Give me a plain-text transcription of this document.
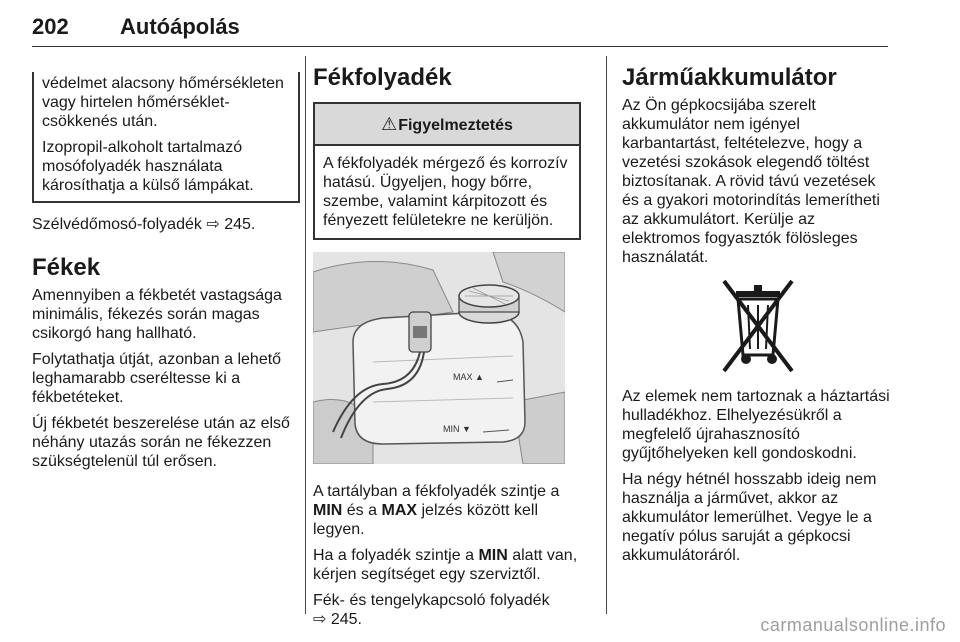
202 Autóápolás

védelmet alacsony hőmérsékleten vagy hirtelen hőmérséklet-csökkenés után.

Izopropil-alkoholt tartalmazó mosófolyadék használata károsíthatja a külső lámpákat.

Szélvédőmosó-folyadék ⇨ 245.

Fékek

Amennyiben a fékbetét vastagsága minimális, fékezés során magas csikorgó hang hallható.

Folytathatja útját, azonban a lehető leghamarabb cseréltesse ki a fékbetéteket.

Új fékbetét beszerelése után az első néhány utazás során ne fékezzen szükségtelenül túl erősen.

Fékfolyadék
⚠Figyelmeztetés
A fékfolyadék mérgező és korrozív hatású. Ügyeljen, hogy bőrre, szembe, valamint kárpitozott és fényezett felületekre ne kerüljön.
MAX ▲
MIN ▼

A tartályban a fékfolyadék szintje a MIN és a MAX jelzés között kell legyen.

Ha a folyadék szintje a MIN alatt van, kérjen segítséget egy szerviztől.

Fék- és tengelykapcsoló folyadék
⇨ 245.

Járműakkumulátor

Az Ön gépkocsijába szerelt akkumulátor nem igényel karbantartást, feltételezve, hogy a vezetési szokások elegendő töltést biztosítanak. A rövid távú vezetések és a gyakori motorindítás lemerítheti az akkumulátort. Kerülje az elektromos fogyasztók fölösleges használatát.

Az elemek nem tartoznak a háztartási hulladékhoz. Elhelyezésükről a megfelelő újrahasznosító gyűjtőhelyeken kell gondoskodni.

Ha négy hétnél hosszabb ideig nem használja a járművet, akkor az akkumulátor lemerülhet. Vegye le a negatív pólus saruját a gépkocsi akkumulátoráról.

carmanualsonline.info
